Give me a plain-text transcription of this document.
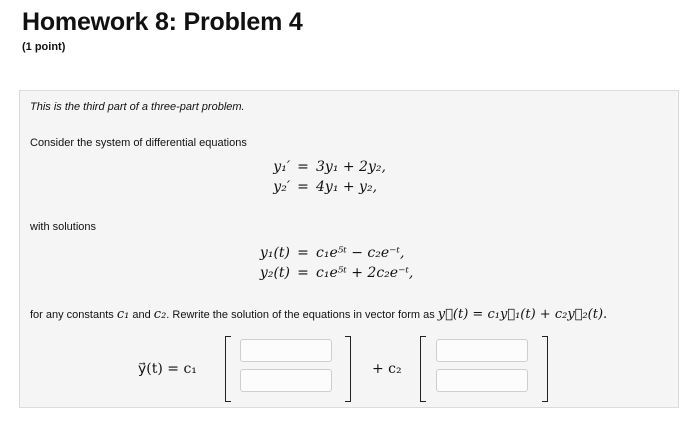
Homework 8: Problem 4
(1 point)
This is the third part of a three-part problem.
Consider the system of differential equations
y₁′ = 3y₁ + 2y₂,
y₂′ = 4y₁ + y₂,
with solutions
y₁(t) = c₁e⁵ᵗ − c₂e⁻ᵗ,
y₂(t) = c₁e⁵ᵗ + 2c₂e⁻ᵗ,
for any constants c₁ and c₂. Rewrite the solution of the equations in vector form as y⃗(t) = c₁y⃗₁(t) + c₂y⃗₂(t).
y⃗(t) = c₁	+ c₂
